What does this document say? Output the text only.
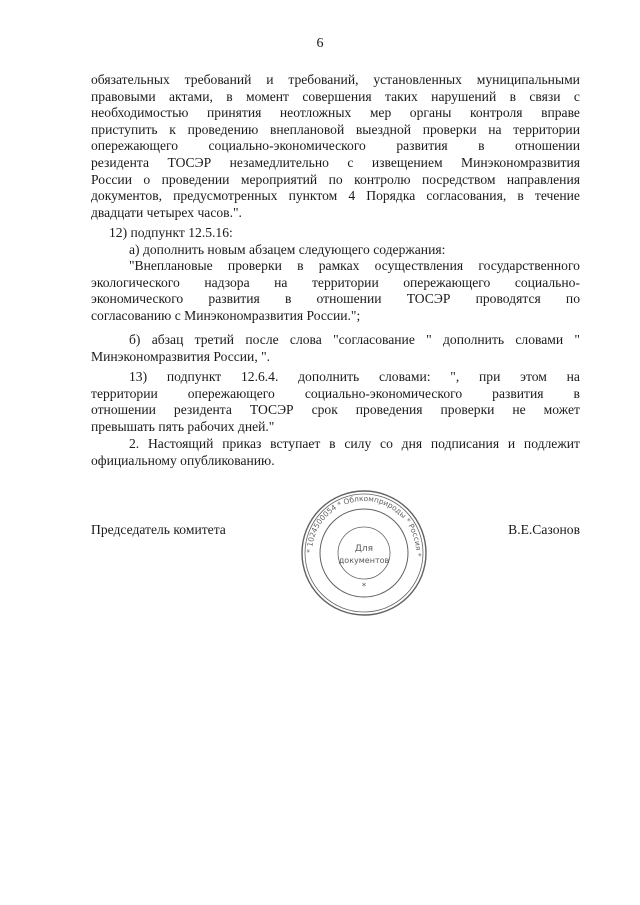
6
обязательных требований и требований, установленных муниципальными
правовыми актами, в момент совершения таких нарушений в связи с
необходимостью принятия неотложных мер органы контроля вправе
приступить к проведению внеплановой выездной проверки на территории
опережающего социально-экономического развития в отношении
резидента ТОСЭР незамедлительно с извещением Минэкономразвития
России о проведении мероприятий по контролю посредством направления
документов, предусмотренных пунктом 4 Порядка согласования, в течение
двадцати четырех часов.".
12) подпункт 12.5.16:
а) дополнить новым абзацем следующего содержания:
"Внеплановые проверки в рамках осуществления государственного
экологического надзора на территории опережающего социально-
экономического развития в отношении ТОСЭР проводятся по
согласованию с Минэкономразвития России.";
б) абзац третий после слова "согласование " дополнить словами "
Минэкономразвития России, ".
13) подпункт 12.6.4. дополнить словами: ", при этом на
территории опережающего социально-экономического развития в
отношении резидента ТОСЭР срок проведения проверки не может
превышать пять рабочих дней."
2. Настоящий приказ вступает в силу со дня подписания и подлежит
официальному опубликованию.
Председатель комитета	В.Е.Сазонов
* 1024500054 * Облкомприроды * Россия *
Для
документов
*
